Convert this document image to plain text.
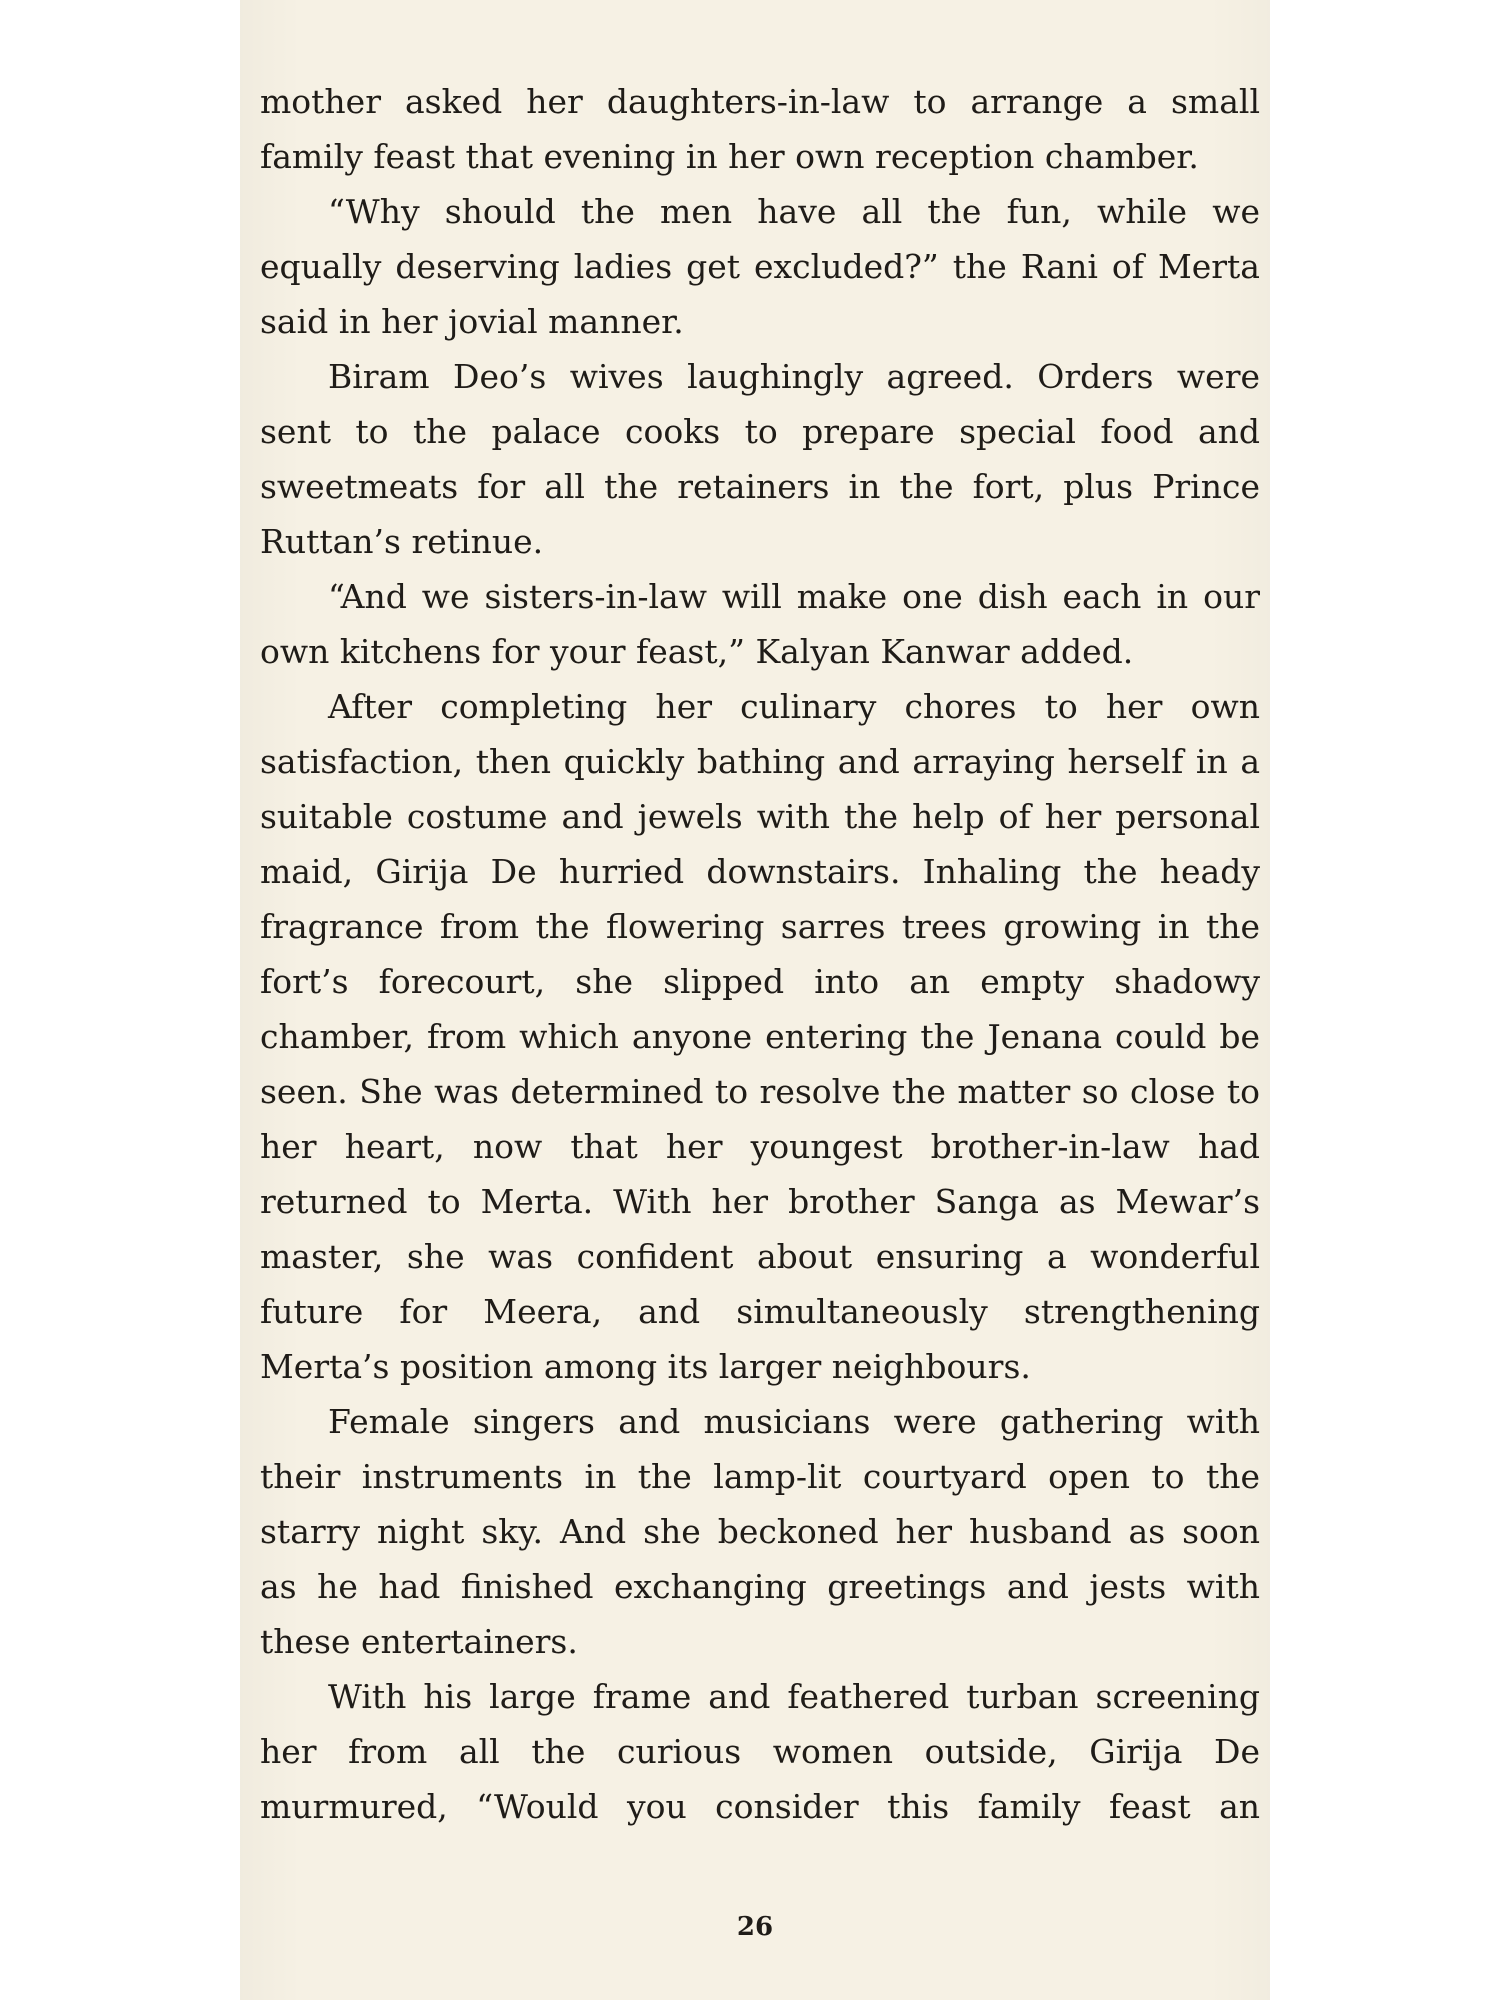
mother asked her daughters-in-law to arrange a small
family feast that evening in her own reception chamber.
“Why should the men have all the fun, while we
equally deserving ladies get excluded?” the Rani of Merta
said in her jovial manner.
Biram Deo’s wives laughingly agreed. Orders were
sent to the palace cooks to prepare special food and
sweetmeats for all the retainers in the fort, plus Prince
Ruttan’s retinue.
“And we sisters-in-law will make one dish each in our
own kitchens for your feast,” Kalyan Kanwar added.
After completing her culinary chores to her own
satisfaction, then quickly bathing and arraying herself in a
suitable costume and jewels with the help of her personal
maid, Girija De hurried downstairs. Inhaling the heady
fragrance from the flowering sarres trees growing in the
fort’s forecourt, she slipped into an empty shadowy
chamber, from which anyone entering the Jenana could be
seen. She was determined to resolve the matter so close to
her heart, now that her youngest brother-in-law had
returned to Merta. With her brother Sanga as Mewar’s
master, she was confident about ensuring a wonderful
future for Meera, and simultaneously strengthening
Merta’s position among its larger neighbours.
Female singers and musicians were gathering with
their instruments in the lamp-lit courtyard open to the
starry night sky. And she beckoned her husband as soon
as he had finished exchanging greetings and jests with
these entertainers.
With his large frame and feathered turban screening
her from all the curious women outside, Girija De
murmured, “Would you consider this family feast an
26
